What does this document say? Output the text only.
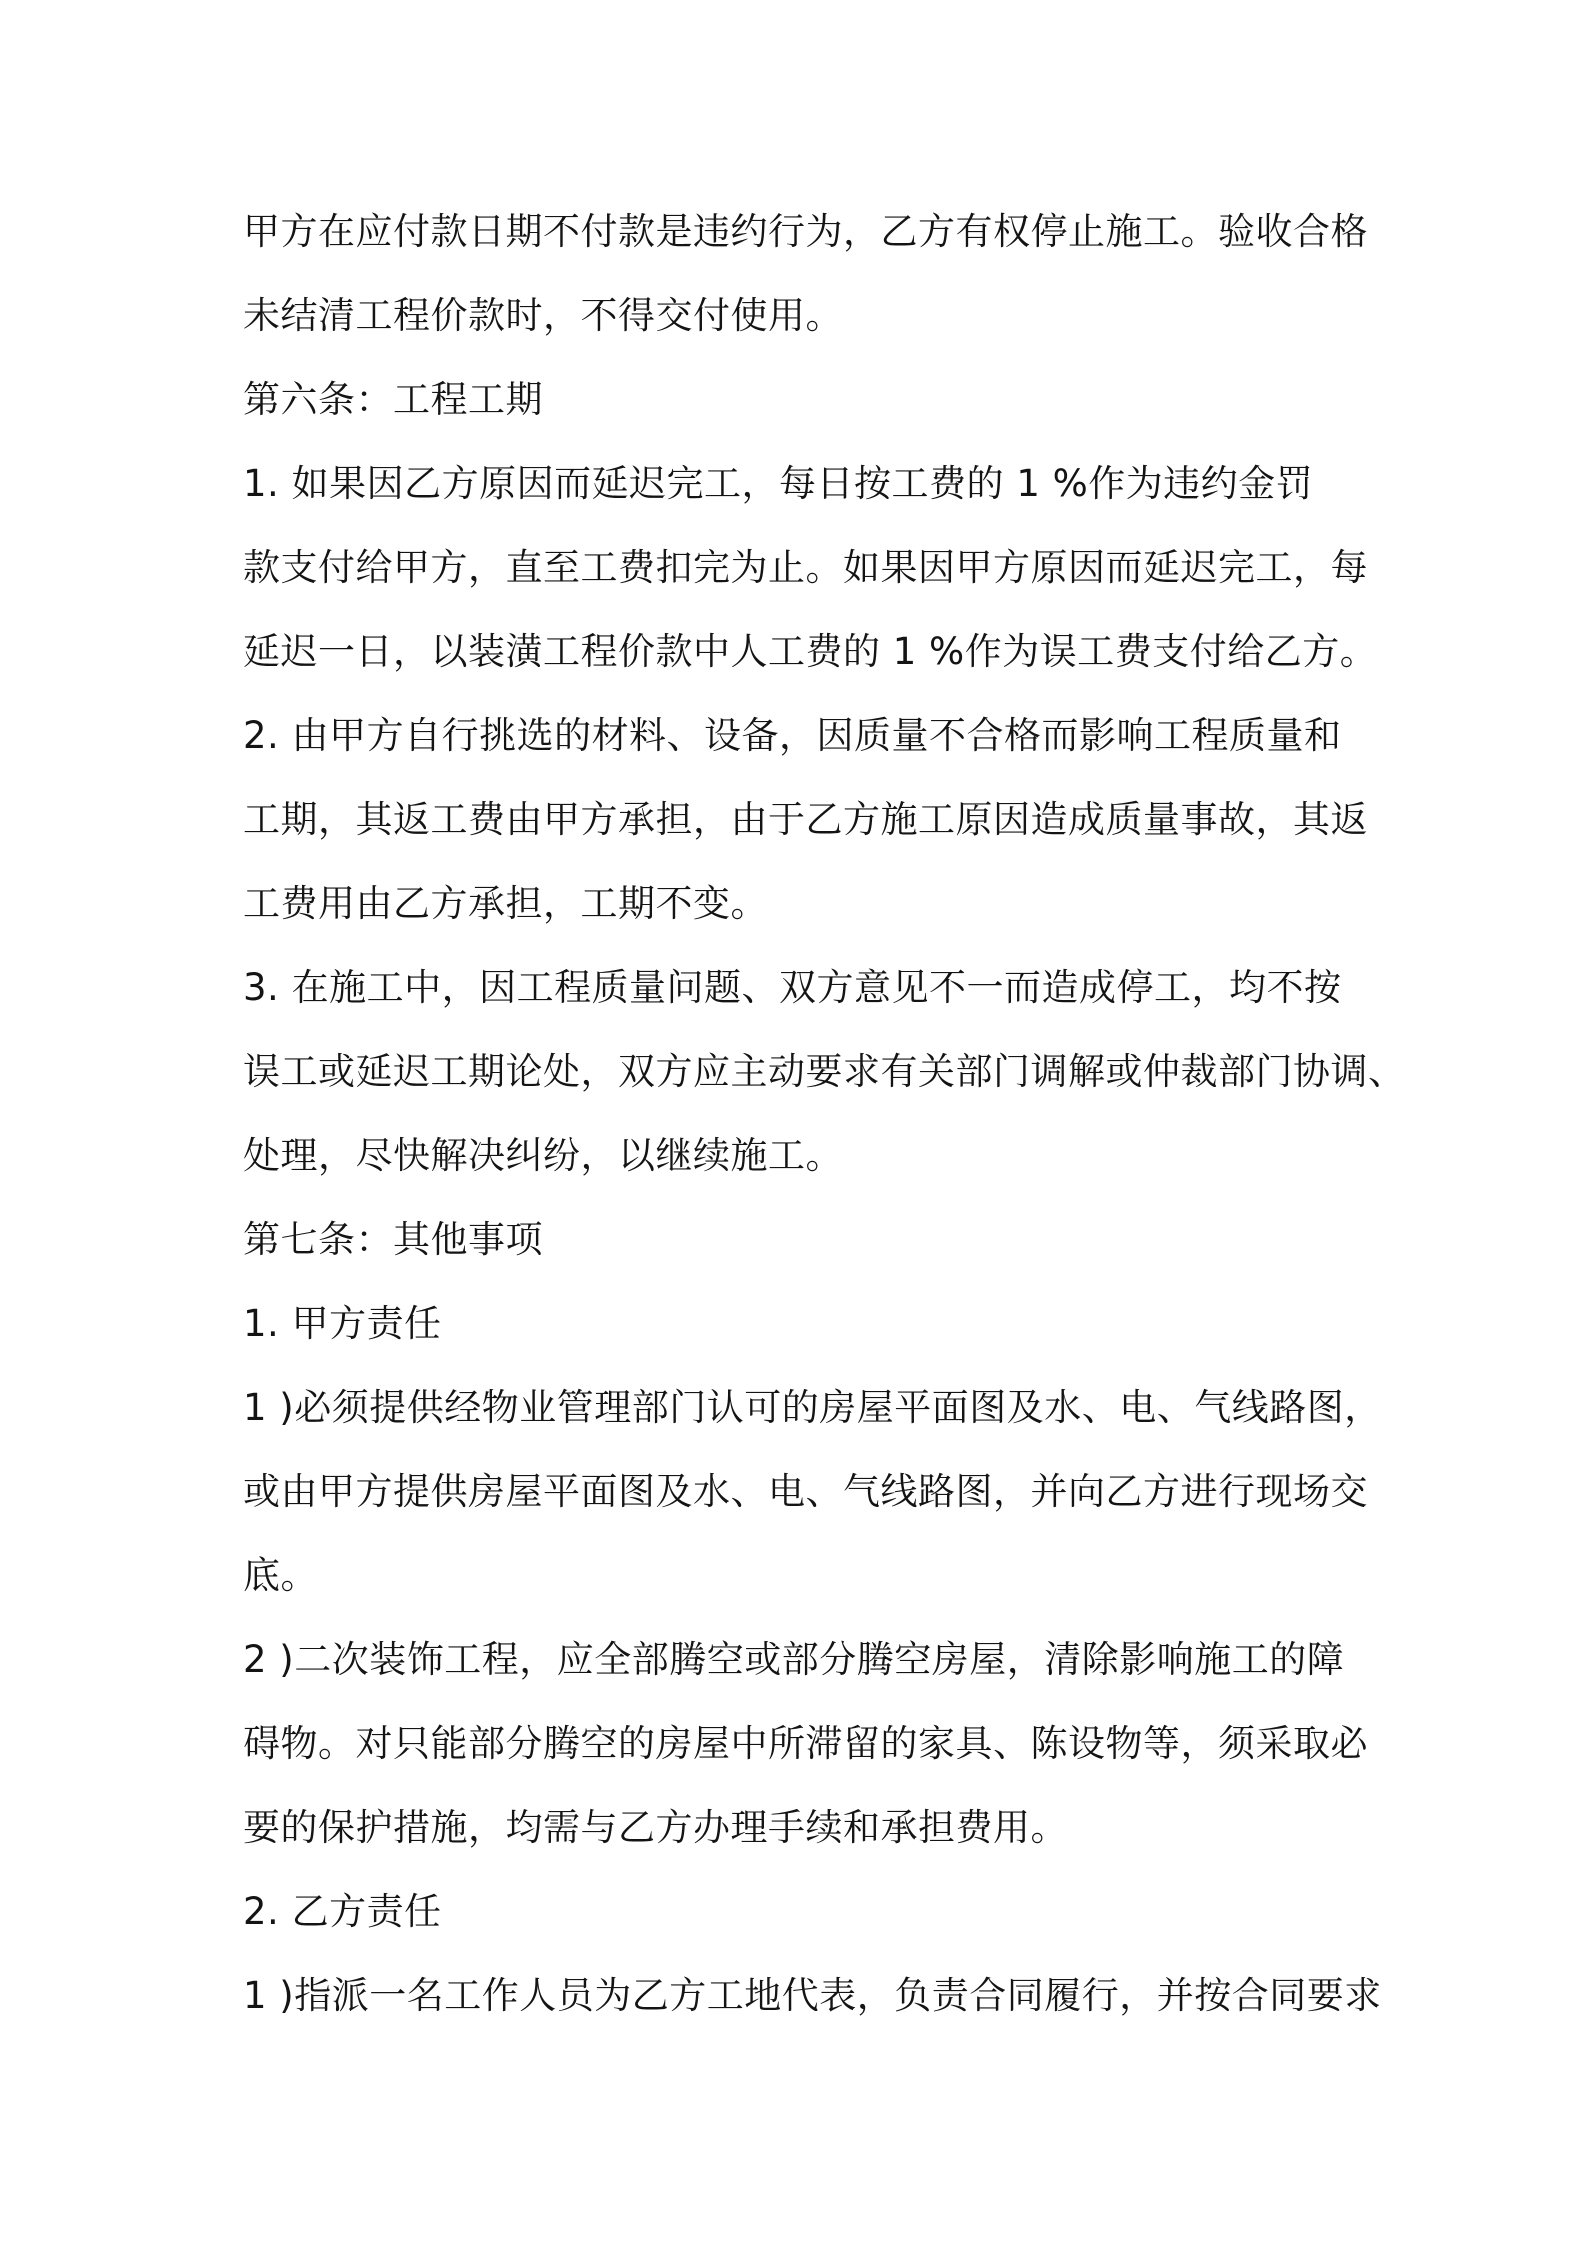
甲方在应付款日期不付款是违约行为，乙方有权停止施工。验收合格
未结清工程价款时，不得交付使用。
第六条：工程工期
1. 如果因乙方原因而延迟完工，每日按工费的 1 %作为违约金罚
款支付给甲方，直至工费扣完为止。如果因甲方原因而延迟完工，每
延迟一日，以装潢工程价款中人工费的 1 %作为误工费支付给乙方。
2. 由甲方自行挑选的材料、设备，因质量不合格而影响工程质量和
工期，其返工费由甲方承担，由于乙方施工原因造成质量事故，其返
工费用由乙方承担，工期不变。
3. 在施工中，因工程质量问题、双方意见不一而造成停工，均不按
误工或延迟工期论处，双方应主动要求有关部门调解或仲裁部门协调、
处理，尽快解决纠纷，以继续施工。
第七条：其他事项
1. 甲方责任
1 )必须提供经物业管理部门认可的房屋平面图及水、电、气线路图，
或由甲方提供房屋平面图及水、电、气线路图，并向乙方进行现场交
底。
2 )二次装饰工程，应全部腾空或部分腾空房屋，清除影响施工的障
碍物。对只能部分腾空的房屋中所滞留的家具、陈设物等，须采取必
要的保护措施，均需与乙方办理手续和承担费用。
2. 乙方责任
1 )指派一名工作人员为乙方工地代表，负责合同履行，并按合同要求
